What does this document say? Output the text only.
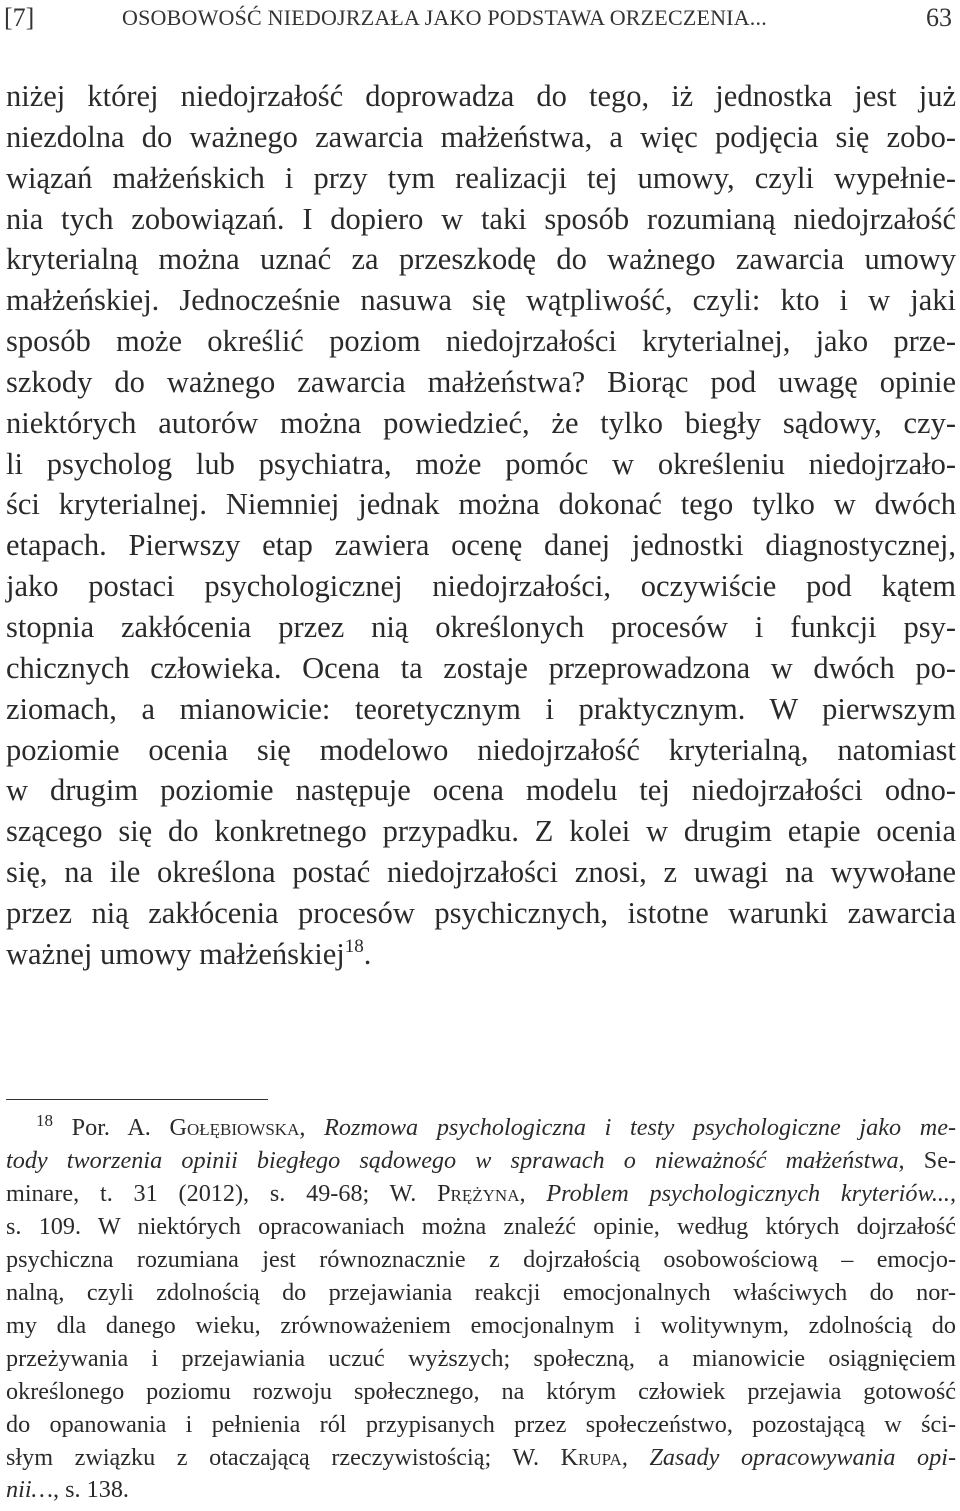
[7]	OSOBOWOŚĆ NIEDOJRZAŁA JAKO PODSTAWA ORZECZENIA...	63
niżej której niedojrzałość doprowadza do tego, iż jednostka jest już
niezdolna do ważnego zawarcia małżeństwa, a więc podjęcia się zobo-
wiązań małżeńskich i przy tym realizacji tej umowy, czyli wypełnie-
nia tych zobowiązań. I dopiero w taki sposób rozumianą niedojrzałość
kryterialną można uznać za przeszkodę do ważnego zawarcia umowy
małżeńskiej. Jednocześnie nasuwa się wątpliwość, czyli: kto i w jaki
sposób może określić poziom niedojrzałości kryterialnej, jako prze-
szkody do ważnego zawarcia małżeństwa? Biorąc pod uwagę opinie
niektórych autorów można powiedzieć, że tylko biegły sądowy, czy-
li psycholog lub psychiatra, może pomóc w określeniu niedojrzało-
ści kryterialnej. Niemniej jednak można dokonać tego tylko w dwóch
etapach. Pierwszy etap zawiera ocenę danej jednostki diagnostycznej,
jako postaci psychologicznej niedojrzałości, oczywiście pod kątem
stopnia zakłócenia przez nią określonych procesów i funkcji psy-
chicznych człowieka. Ocena ta zostaje przeprowadzona w dwóch po-
ziomach, a mianowicie: teoretycznym i praktycznym. W pierwszym
poziomie ocenia się modelowo niedojrzałość kryterialną, natomiast
w drugim poziomie następuje ocena modelu tej niedojrzałości odno-
szącego się do konkretnego przypadku. Z kolei w drugim etapie ocenia
się, na ile określona postać niedojrzałości znosi, z uwagi na wywołane
przez nią zakłócenia procesów psychicznych, istotne warunki zawarcia
ważnej umowy małżeńskiej$^{18}$.
$^{18}$ Por. A. Gołębiowska, Rozmowa psychologiczna i testy psychologiczne jako me-
tody tworzenia opinii biegłego sądowego w sprawach o nieważność małżeństwa, Se-
minare, t. 31 (2012), s. 49-68; W. Prężyna, Problem psychologicznych kryteriów...,
s. 109. W niektórych opracowaniach można znaleźć opinie, według których dojrzałość
psychiczna rozumiana jest równoznacznie z dojrzałością osobowościową – emocjo-
nalną, czyli zdolnością do przejawiania reakcji emocjonalnych właściwych do nor-
my dla danego wieku, zrównoważeniem emocjonalnym i wolitywnym, zdolnością do
przeżywania i przejawiania uczuć wyższych; społeczną, a mianowicie osiągnięciem
określonego poziomu rozwoju społecznego, na którym człowiek przejawia gotowość
do opanowania i pełnienia ról przypisanych przez społeczeństwo, pozostającą w ści-
słym związku z otaczającą rzeczywistością; W. Krupa, Zasady opracowywania opi-
nii…, s. 138.
